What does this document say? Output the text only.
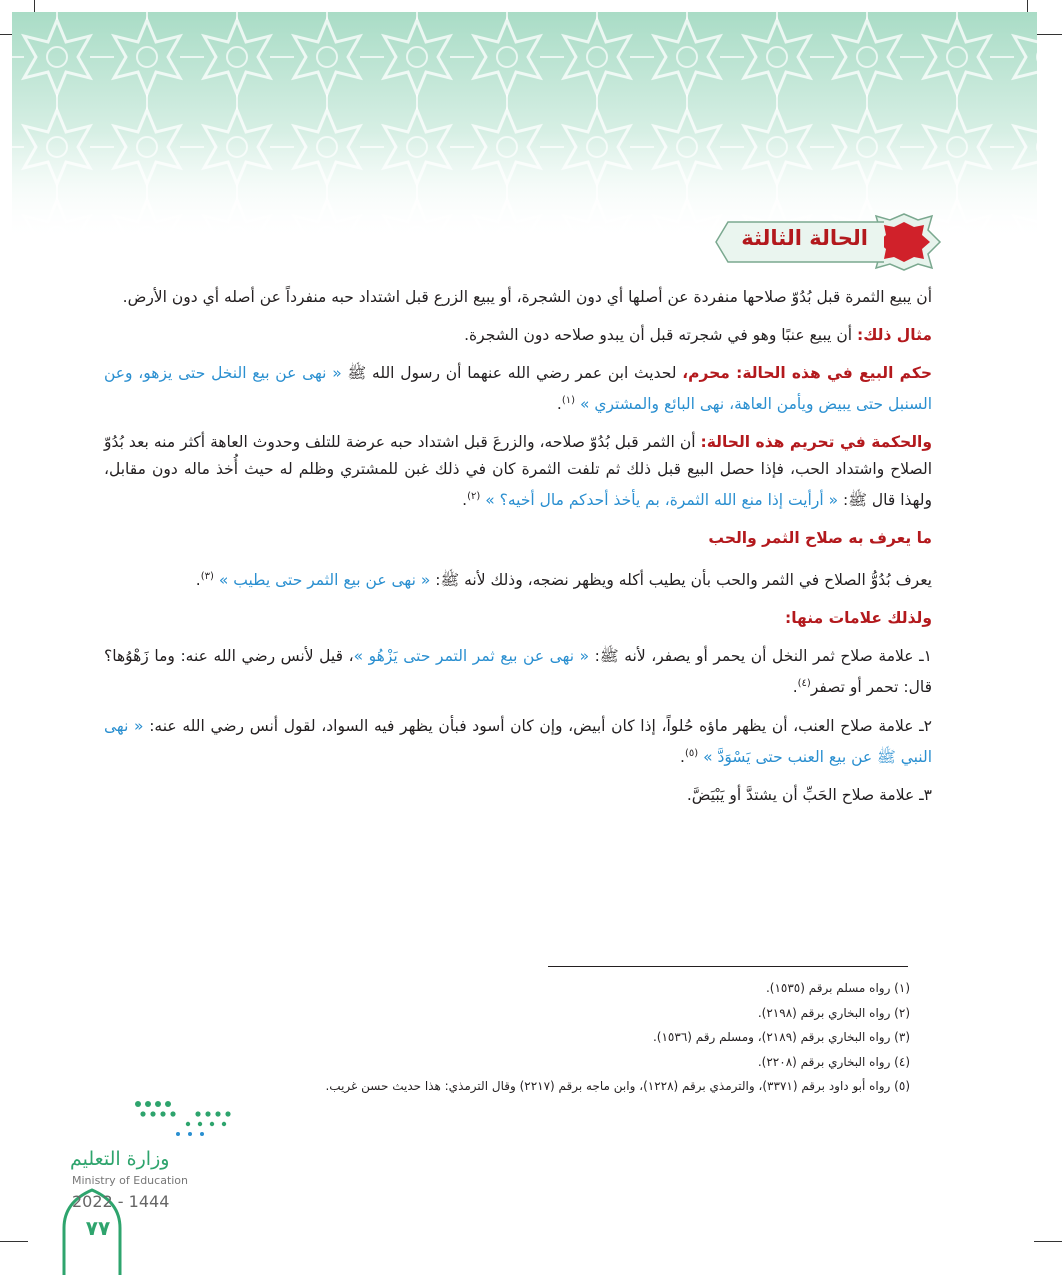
الحالة الثالثة

أن يبيع الثمرة قبل بُدُوّ صلاحها منفردة عن أصلها أي دون الشجرة، أو يبيع الزرع قبل اشتداد حبه منفرداً عن أصله أي دون الأرض.

مثال ذلك: أن يبيع عنبًا وهو في شجرته قبل أن يبدو صلاحه دون الشجرة.

حكم البيع في هذه الحالة: محرم، لحديث ابن عمر رضي الله عنهما أن رسول الله ﷺ « نهى عن بيع النخل حتى يزهو، وعن السنبل حتى يبيض ويأمن العاهة، نهى البائع والمشتري » $^{(١)}$.

والحكمة في تحريم هذه الحالة: أن الثمر قبل بُدُوّ صلاحه، والزرعَ قبل اشتداد حبه عرضة للتلف وحدوث العاهة أكثر منه بعد بُدُوّ الصلاح واشتداد الحب، فإذا حصل البيع قبل ذلك ثم تلفت الثمرة كان في ذلك غبن للمشتري وظلم له حيث أُخذ ماله دون مقابل، ولهذا قال ﷺ: « أرأيت إذا منع الله الثمرة، بم يأخذ أحدكم مال أخيه؟ » $^{(٢)}$.

ما يعرف به صلاح الثمر والحب

يعرف بُدُوُّ الصلاح في الثمر والحب بأن يطيب أكله ويظهر نضجه، وذلك لأنه ﷺ: « نهى عن بيع الثمر حتى يطيب » $^{(٣)}$.

ولذلك علامات منها:

١ـ علامة صلاح ثمر النخل أن يحمر أو يصفر، لأنه ﷺ: « نهى عن بيع ثمر التمر حتى يَزْهُو »، قيل لأنس رضي الله عنه: وما زَهْوُها؟ قال: تحمر أو تصفر$^{(٤)}$.

٢ـ علامة صلاح العنب، أن يظهر ماؤه حُلواً، إذا كان أبيض، وإن كان أسود فبأن يظهر فيه السواد، لقول أنس رضي الله عنه: « نهى النبي ﷺ عن بيع العنب حتى يَسْوَدَّ » $^{(٥)}$.

٣ـ علامة صلاح الحَبِّ أن يشتدَّ أو يَبْيَضَّ.

(١) رواه مسلم برقم (١٥٣٥).
(٢) رواه البخاري برقم (٢١٩٨).
(٣) رواه البخاري برقم (٢١٨٩)، ومسلم رقم (١٥٣٦).
(٤) رواه البخاري برقم (٢٢٠٨).
(٥) رواه أبو داود برقم (٣٣٧١)، والترمذي برقم (١٢٢٨)، وابن ماجه برقم (٢٢١٧) وقال الترمذي: هذا حديث حسن غريب.
وزارة التعليم
Ministry of Education
2022 - 1444
٧٧
